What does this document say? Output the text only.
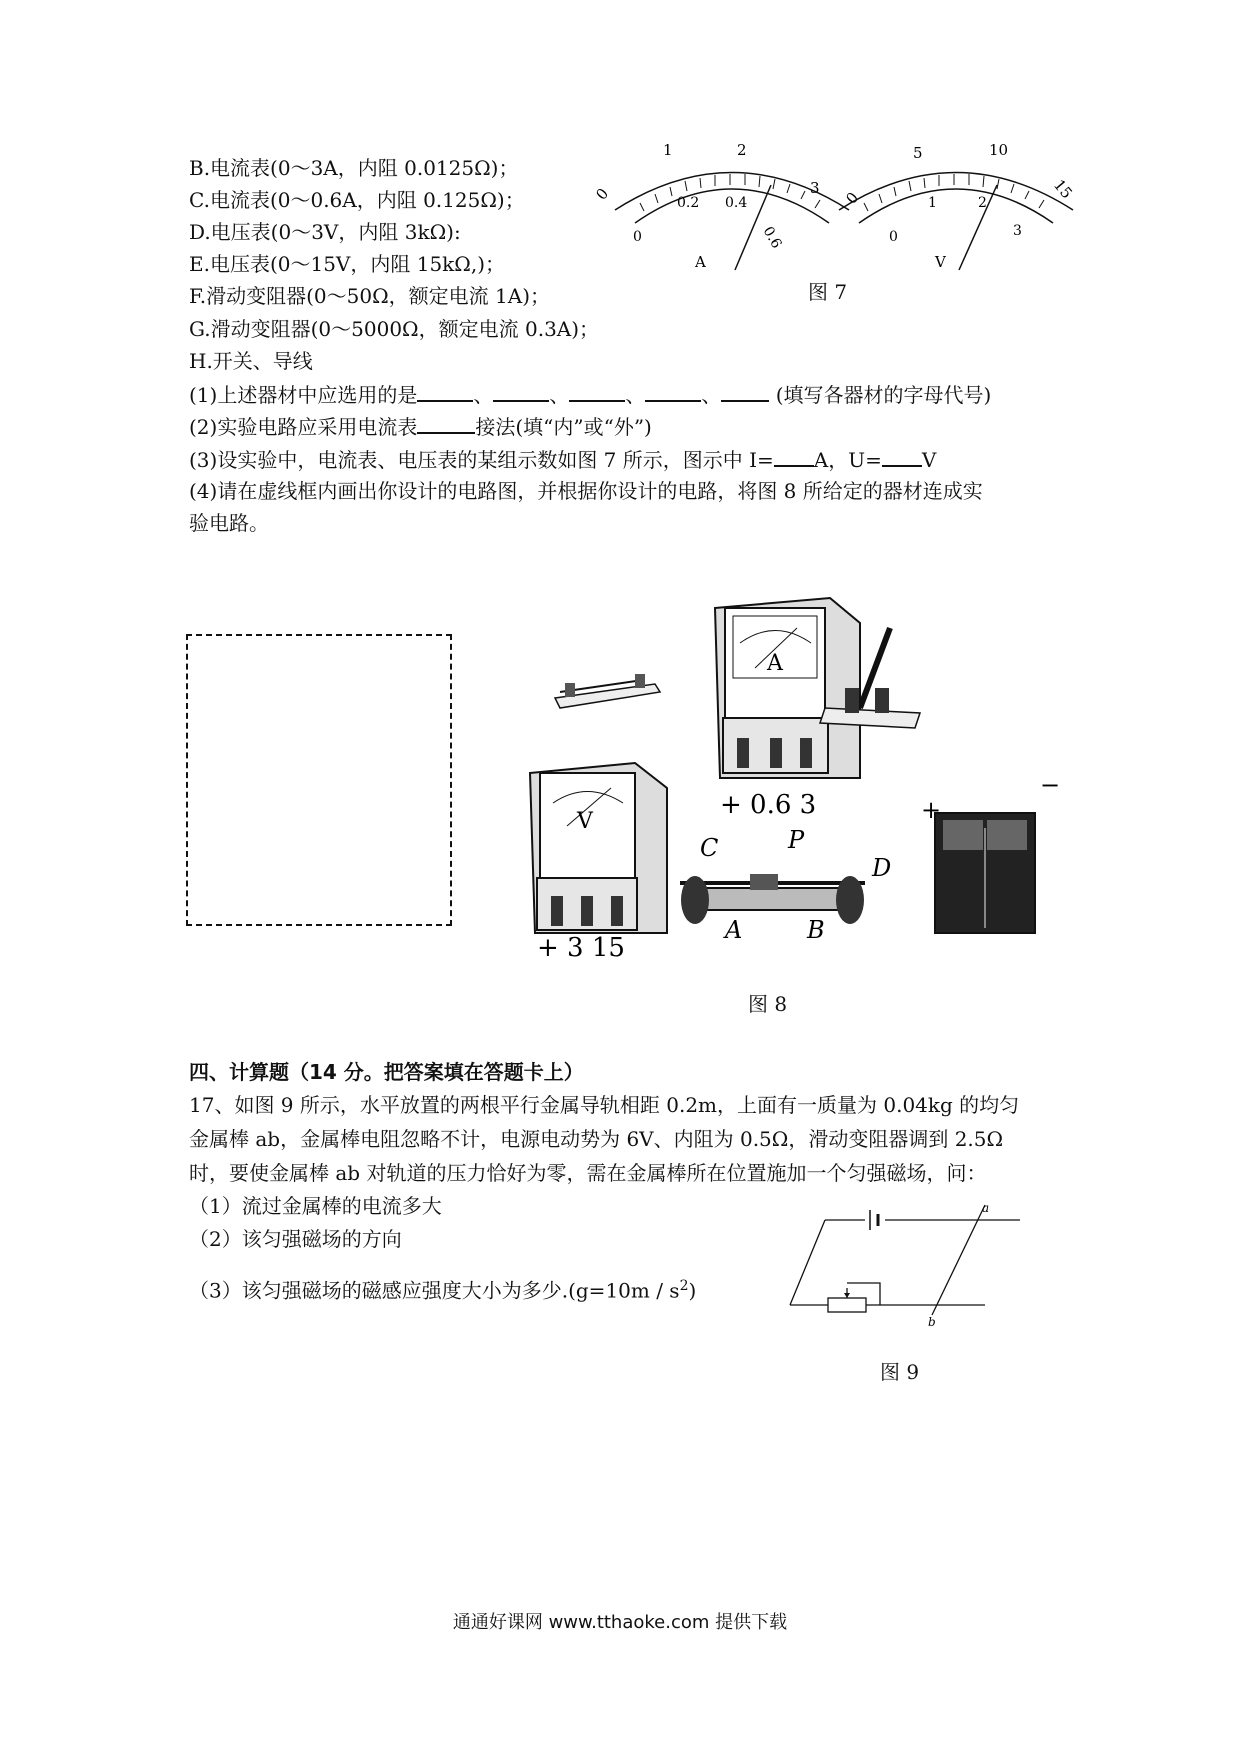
B.电流表(0～3A，内阻 0.0125Ω)；
C.电流表(0～0.6A，内阻 0.125Ω)；
D.电压表(0～3V，内阻 3kΩ):
E.电压表(0～15V，内阻 15kΩ,)；
F.滑动变阻器(0～50Ω，额定电流 1A)；
G.滑动变阻器(0～5000Ω，额定电流 0.3A)；
H.开关、导线
0
1	2
3
0
0.2 0.4
0.6
A
0
5	10
15
0
1	2
3
V
图 7
(1)上述器材中应选用的是	、	、	、	、	(填写各器材的字母代号)
(2)实验电路应采用电流表	接法(填“内”或“外”)
(3)设实验中，电流表、电压表的某组示数如图 7 所示，图示中 I= A，U= V
(4)请在虚线框内画出你设计的电路图，并根据你设计的电路，将图 8 所给定的器材连成实
验电路。
A
+ 0.6 3
V
+ 3 15
C	P
D
A	B
+
−
图 8
四、计算题（14 分。把答案填在答题卡上）
17、如图 9 所示，水平放置的两根平行金属导轨相距 0.2m，上面有一质量为 0.04kg 的均匀
金属棒 ab，金属棒电阻忽略不计，电源电动势为 6V、内阻为 0.5Ω，滑动变阻器调到 2.5Ω
时，要使金属棒 ab 对轨道的压力恰好为零，需在金属棒所在位置施加一个匀强磁场，问：
（1）流过金属棒的电流多大
（2）该匀强磁场的方向
（3）该匀强磁场的磁感应强度大小为多少$.(g=10m / s^2)$
a
b
图 9
通通好课网 www.tthaoke.com 提供下载
